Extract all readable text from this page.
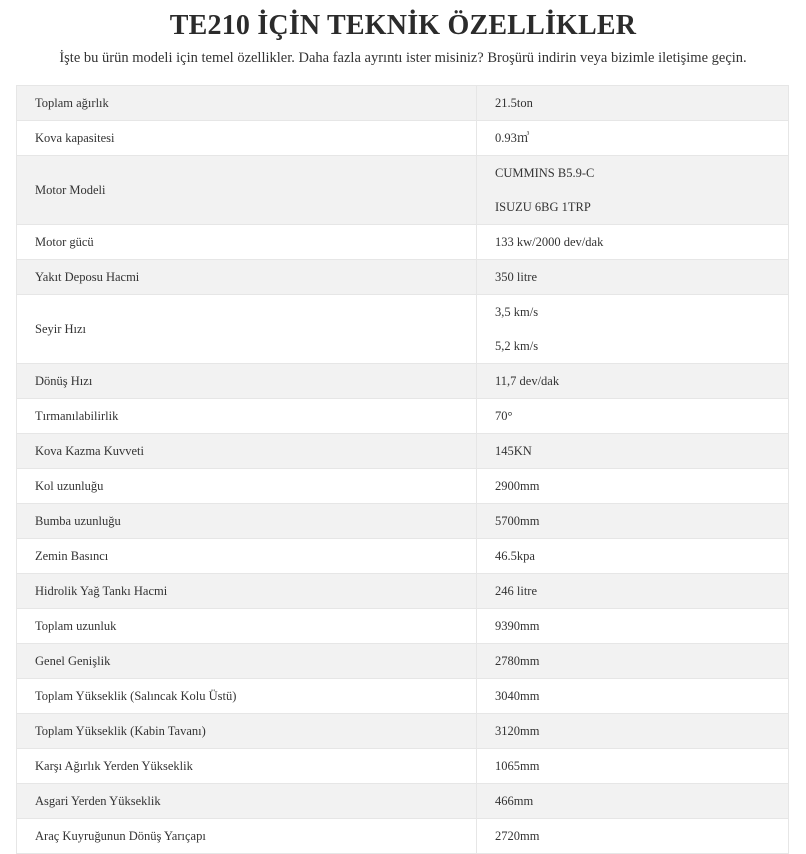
TE210 İÇİN TEKNİK ÖZELLİKLER

İşte bu ürün modeli için temel özellikler. Daha fazla ayrıntı ister misiniz? Broşürü indirin veya bizimle iletişime geçin.

Toplam ağırlık	21.5ton

Kova kapasitesi	0.93㎥

Motor Modeli	CUMMINS B5.9-C
ISUZU 6BG 1TRP

Motor gücü	133 kw/2000 dev/dak

Yakıt Deposu Hacmi	350 litre

Seyir Hızı	3,5 km/s
5,2 km/s

Dönüş Hızı	11,7 dev/dak

Tırmanılabilirlik	70°

Kova Kazma Kuvveti	145KN

Kol uzunluğu	2900mm

Bumba uzunluğu	5700mm

Zemin Basıncı	46.5kpa

Hidrolik Yağ Tankı Hacmi	246 litre

Toplam uzunluk	9390mm

Genel Genişlik	2780mm

Toplam Yükseklik (Salıncak Kolu Üstü)	3040mm

Toplam Yükseklik (Kabin Tavanı)	3120mm

Karşı Ağırlık Yerden Yükseklik	1065mm

Asgari Yerden Yükseklik	466mm

Araç Kuyruğunun Dönüş Yarıçapı	2720mm
